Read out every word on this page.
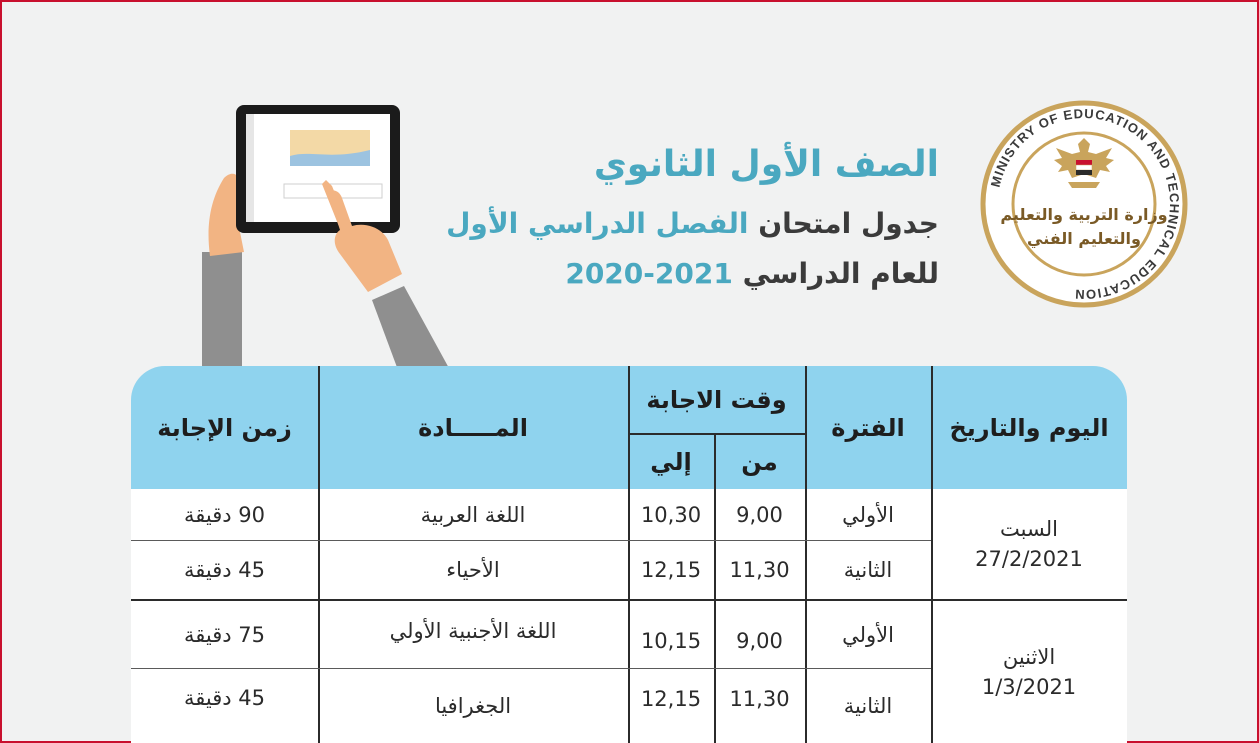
الصف الأول الثانوي
جدول امتحان الفصل الدراسي الأول
للعام الدراسي 2021-2020
MINISTRY OF EDUCATION AND TECHNICAL EDUCATION
وزارة التربية والتعليم
والتعليم الفني
اليوم والتاريخ
الفترة
وقت الاجابة
من
إلي
المـــــادة
زمن الإجابة
السبت
27/2/2021
الأولي
9,00
10,30
اللغة العربية
90 دقيقة
الثانية
11,30
12,15
الأحياء
45 دقيقة
الاثنين
1/3/2021
الأولي
9,00
10,15
اللغة الأجنبية الأولي
75 دقيقة
الثانية
11,30
12,15
الجغرافيا
45 دقيقة
